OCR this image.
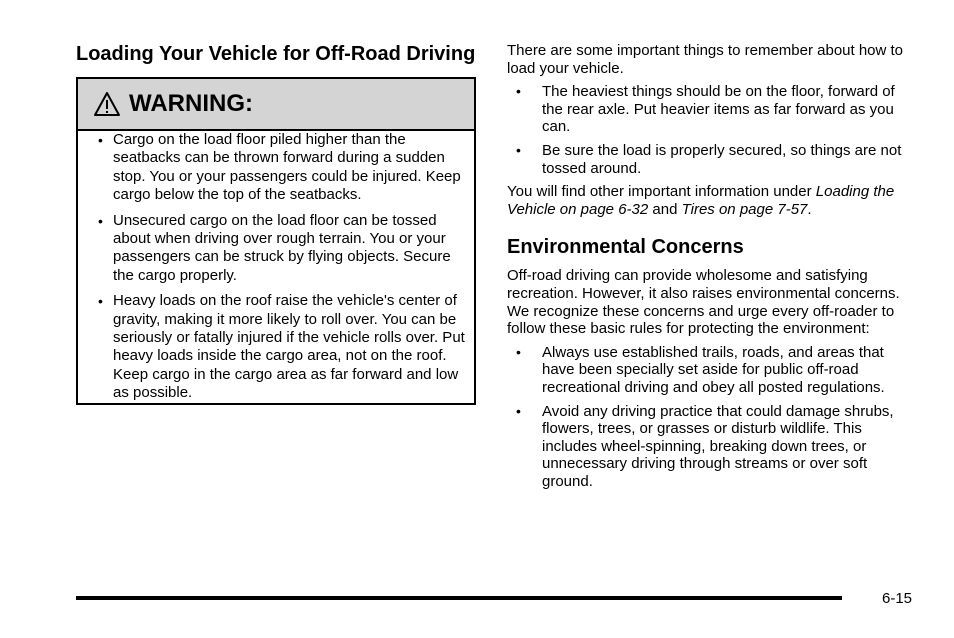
Loading Your Vehicle for Off-Road Driving
WARNING:
• Cargo on the load floor piled higher than the seatbacks can be thrown forward during a sudden stop. You or your passengers could be injured. Keep cargo below the top of the seatbacks.
• Unsecured cargo on the load floor can be tossed about when driving over rough terrain. You or your passengers can be struck by flying objects. Secure the cargo properly.
• Heavy loads on the roof raise the vehicle's center of gravity, making it more likely to roll over. You can be seriously or fatally injured if the vehicle rolls over. Put heavy loads inside the cargo area, not on the roof. Keep cargo in the cargo area as far forward and low as possible.

There are some important things to remember about how to load your vehicle.

• The heaviest things should be on the floor, forward of the rear axle. Put heavier items as far forward as you can.
• Be sure the load is properly secured, so things are not tossed around.

You will find other important information under Loading the Vehicle on page 6-32 and Tires on page 7-57.

Environmental Concerns

Off-road driving can provide wholesome and satisfying recreation. However, it also raises environmental concerns. We recognize these concerns and urge every off-roader to follow these basic rules for protecting the environment:

• Always use established trails, roads, and areas that have been specially set aside for public off-road recreational driving and obey all posted regulations.
• Avoid any driving practice that could damage shrubs, flowers, trees, or grasses or disturb wildlife. This includes wheel-spinning, breaking down trees, or unnecessary driving through streams or over soft ground.
6-15
